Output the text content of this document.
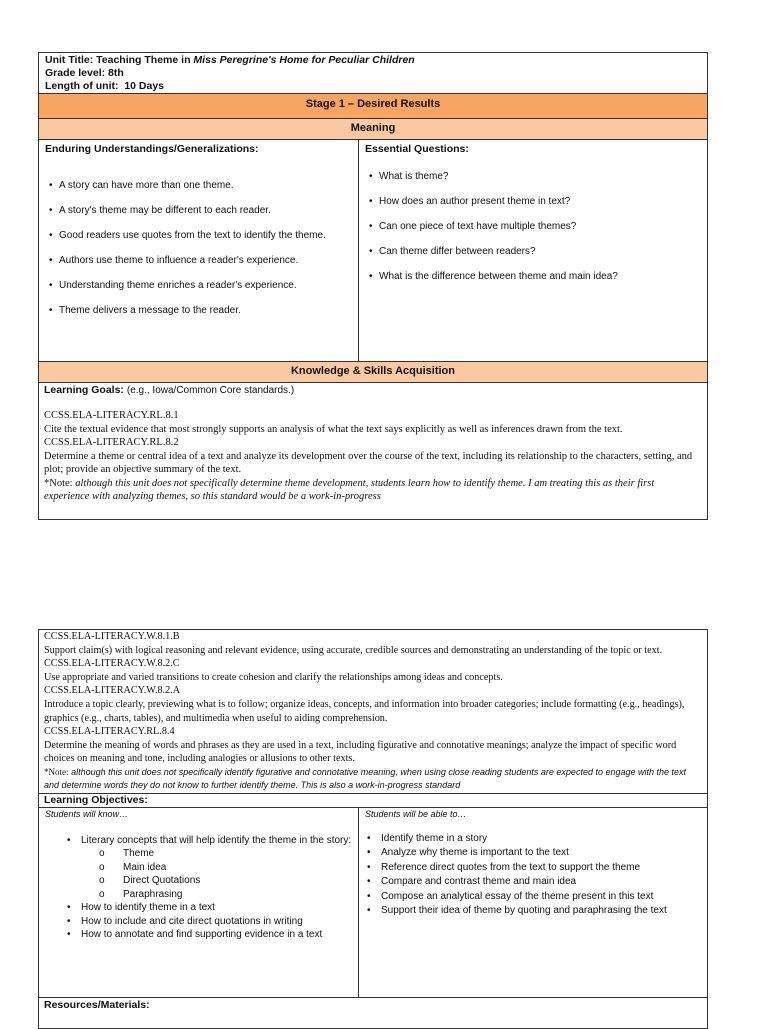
Unit Title: Teaching Theme in Miss Peregrine's Home for Peculiar Children
Grade level: 8th
Length of unit: 10 Days
Stage 1 – Desired Results
Meaning
Enduring Understandings/Generalizations:
• A story can have more than one theme.
• A story's theme may be different to each reader.
• Good readers use quotes from the text to identify the theme.
• Authors use theme to influence a reader's experience.
• Understanding theme enriches a reader's experience.
• Theme delivers a message to the reader.
Essential Questions:
• What is theme?
• How does an author present theme in text?
• Can one piece of text have multiple themes?
• Can theme differ between readers?
• What is the difference between theme and main idea?
Knowledge & Skills Acquisition
Learning Goals: (e.g., Iowa/Common Core standards.)
CCSS.ELA-LITERACY.RL.8.1
Cite the textual evidence that most strongly supports an analysis of what the text says explicitly as well as inferences drawn from the text.
CCSS.ELA-LITERACY.RL.8.2
Determine a theme or central idea of a text and analyze its development over the course of the text, including its relationship to the characters, setting, and plot; provide an objective summary of the text.
*Note: although this unit does not specifically determine theme development, students learn how to identify theme. I am treating this as their first experience with analyzing themes, so this standard would be a work-in-progress
CCSS.ELA-LITERACY.W.8.1.B
Support claim(s) with logical reasoning and relevant evidence, using accurate, credible sources and demonstrating an understanding of the topic or text.
CCSS.ELA-LITERACY.W.8.2.C
Use appropriate and varied transitions to create cohesion and clarify the relationships among ideas and concepts.
CCSS.ELA-LITERACY.W.8.2.A
Introduce a topic clearly, previewing what is to follow; organize ideas, concepts, and information into broader categories; include formatting (e.g., headings), graphics (e.g., charts, tables), and multimedia when useful to aiding comprehension.
CCSS.ELA-LITERACY.RL.8.4
Determine the meaning of words and phrases as they are used in a text, including figurative and connotative meanings; analyze the impact of specific word choices on meaning and tone, including analogies or allusions to other texts.
*Note: although this unit does not specifically identify figurative and connotative meaning, when using close reading students are expected to engage with the text and determine words they do not know to further identify theme. This is also a work-in-progress standard
Learning Objectives:
Students will know…
• Literary concepts that will help identify the theme in the story:
o Theme
o Main idea
o Direct Quotations
o Paraphrasing
• How to identify theme in a text
• How to include and cite direct quotations in writing
• How to annotate and find supporting evidence in a text
Students will be able to…
• Identify theme in a story
• Analyze why theme is important to the text
• Reference direct quotes from the text to support the theme
• Compare and contrast theme and main idea
• Compose an analytical essay of the theme present in this text
• Support their idea of theme by quoting and paraphrasing the text
Resources/Materials:
